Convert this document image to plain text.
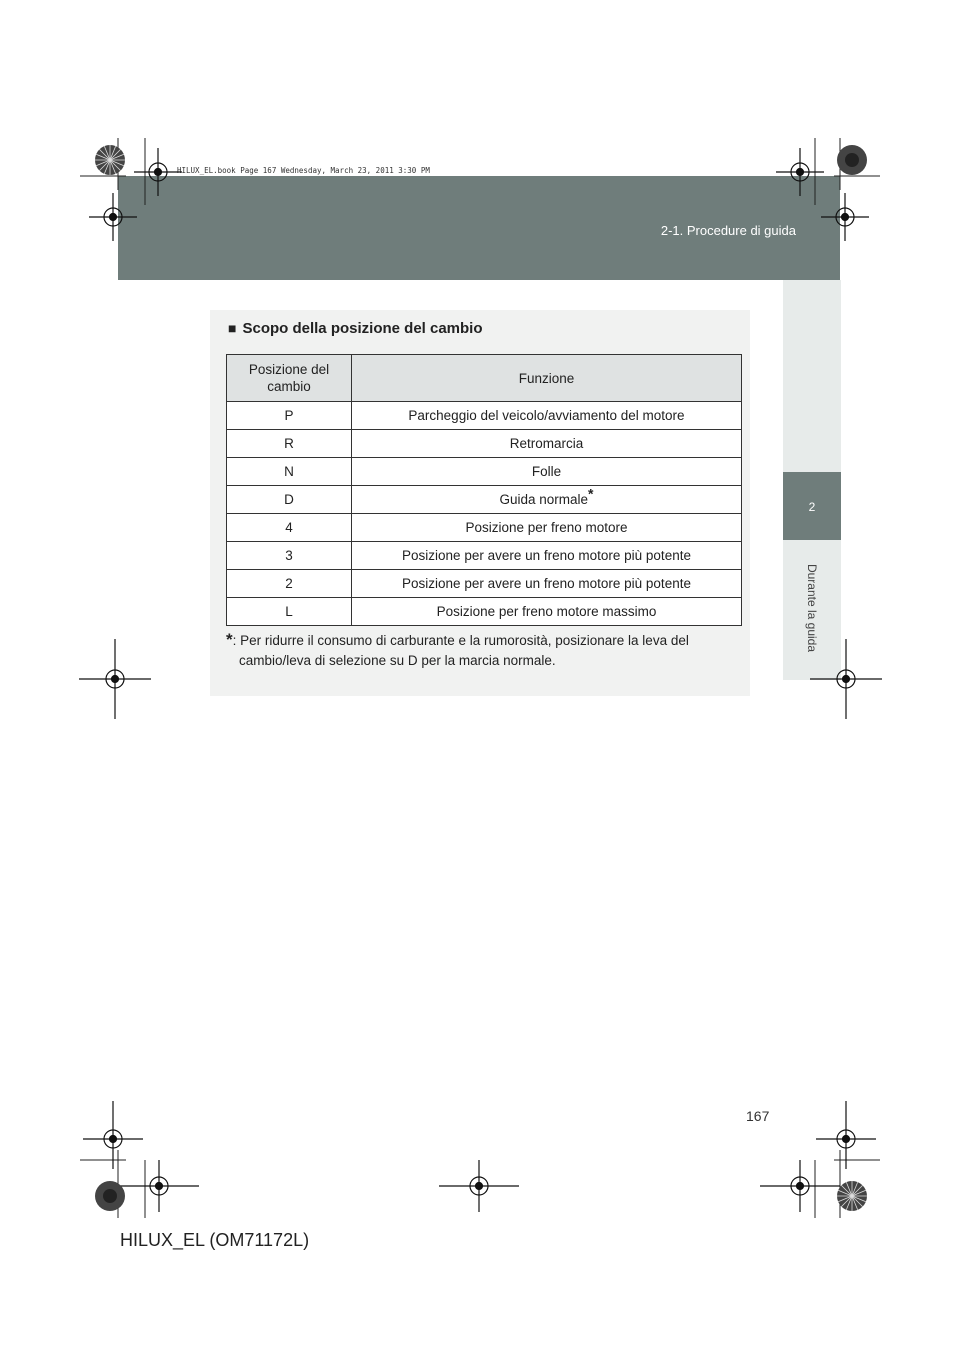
2-1. Procedure di guida
HILUX_EL.book Page 167 Wednesday, March 23, 2011 3:30 PM
2
Durante la guida
■ Scopo della posizione del cambio
Posizione del cambio	Funzione
P	Parcheggio del veicolo/avviamento del motore
R	Retromarcia
N	Folle
D	Guida normale*
4	Posizione per freno motore
3	Posizione per avere un freno motore più potente
2	Posizione per avere un freno motore più potente
L	Posizione per freno motore massimo
*: Per ridurre il consumo di carburante e la rumorosità, posizionare la leva del cambio/leva di selezione su D per la marcia normale.
167
HILUX_EL (OM71172L)
